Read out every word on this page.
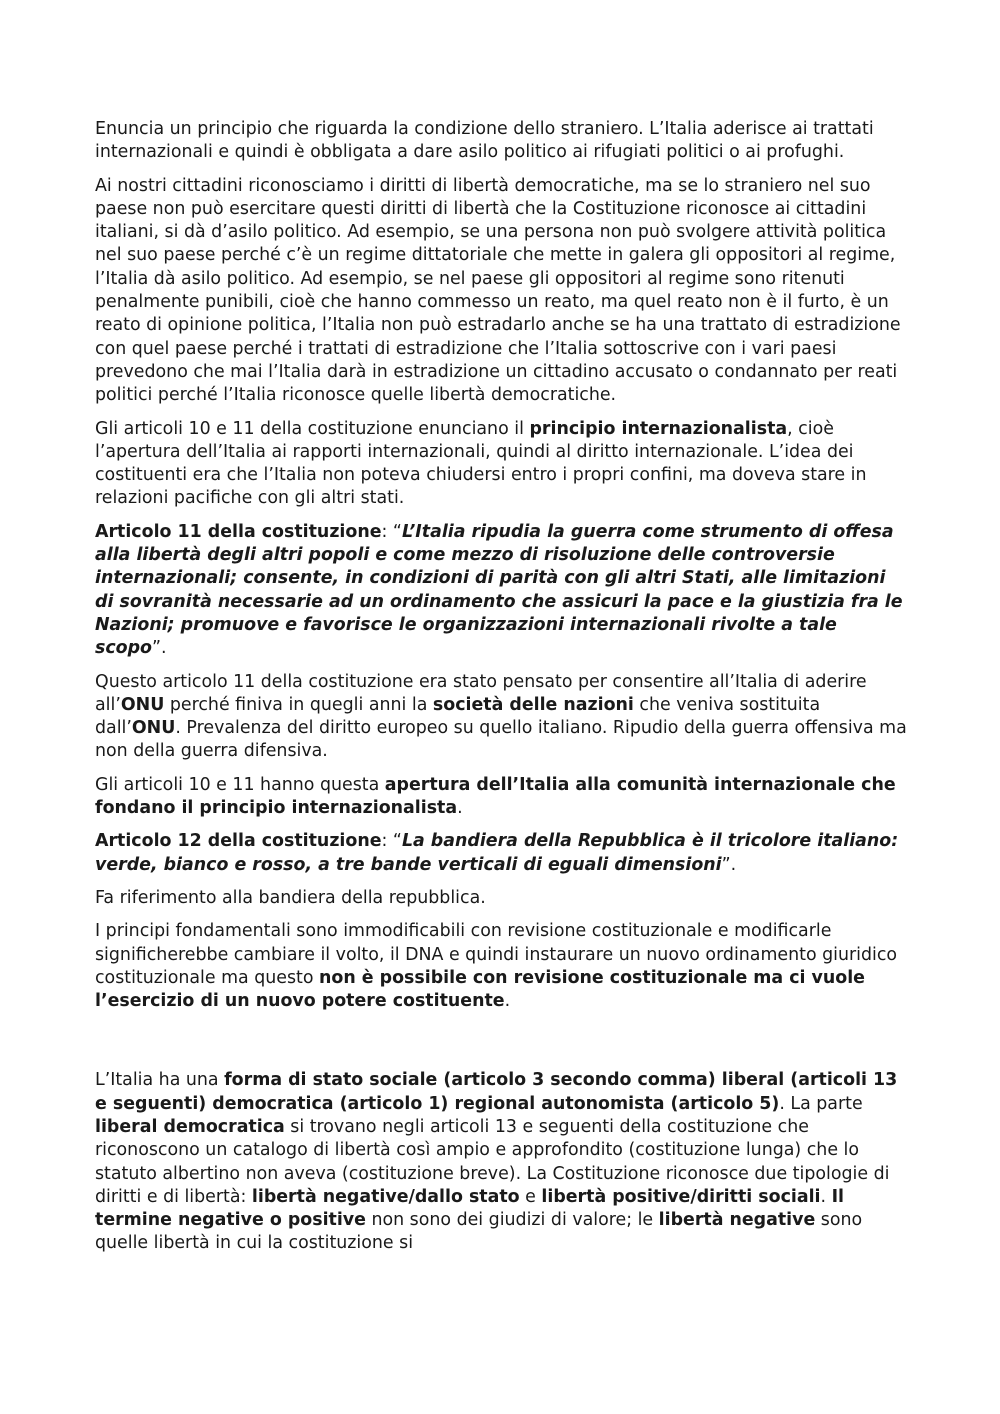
Enuncia un principio che riguarda la condizione dello straniero. L’Italia aderisce ai trattati internazionali e quindi è obbligata a dare asilo politico ai rifugiati politici o ai profughi.

Ai nostri cittadini riconosciamo i diritti di libertà democratiche, ma se lo straniero nel suo paese non può esercitare questi diritti di libertà che la Costituzione riconosce ai cittadini italiani, si dà d’asilo politico. Ad esempio, se una persona non può svolgere attività politica nel suo paese perché c’è un regime dittatoriale che mette in galera gli oppositori al regime, l’Italia dà asilo politico. Ad esempio, se nel paese gli oppositori al regime sono ritenuti penalmente punibili, cioè che hanno commesso un reato, ma quel reato non è il furto, è un reato di opinione politica, l’Italia non può estradarlo anche se ha una trattato di estradizione con quel paese perché i trattati di estradizione che l’Italia sottoscrive con i vari paesi prevedono che mai l’Italia darà in estradizione un cittadino accusato o condannato per reati politici perché l’Italia riconosce quelle libertà democratiche.

Gli articoli 10 e 11 della costituzione enunciano il principio internazionalista, cioè l’apertura dell’Italia ai rapporti internazionali, quindi al diritto internazionale. L’idea dei costituenti era che l’Italia non poteva chiudersi entro i propri confini, ma doveva stare in relazioni pacifiche con gli altri stati.

Articolo 11 della costituzione: “L’Italia ripudia la guerra come strumento di offesa alla libertà degli altri popoli e come mezzo di risoluzione delle controversie internazionali; consente, in condizioni di parità con gli altri Stati, alle limitazioni di sovranità necessarie ad un ordinamento che assicuri la pace e la giustizia fra le Nazioni; promuove e favorisce le organizzazioni internazionali rivolte a tale scopo”.

Questo articolo 11 della costituzione era stato pensato per consentire all’Italia di aderire all’ONU perché finiva in quegli anni la società delle nazioni che veniva sostituita dall’ONU. Prevalenza del diritto europeo su quello italiano. Ripudio della guerra offensiva ma non della guerra difensiva.

Gli articoli 10 e 11 hanno questa apertura dell’Italia alla comunità internazionale che fondano il principio internazionalista.

Articolo 12 della costituzione: “La bandiera della Repubblica è il tricolore italiano: verde, bianco e rosso, a tre bande verticali di eguali dimensioni”.

Fa riferimento alla bandiera della repubblica.

I principi fondamentali sono immodificabili con revisione costituzionale e modificarle significherebbe cambiare il volto, il DNA e quindi instaurare un nuovo ordinamento giuridico costituzionale ma questo non è possibile con revisione costituzionale ma ci vuole l’esercizio di un nuovo potere costituente.

L’Italia ha una forma di stato sociale (articolo 3 secondo comma) liberal (articoli 13 e seguenti) democratica (articolo 1) regional autonomista (articolo 5). La parte liberal democratica si trovano negli articoli 13 e seguenti della costituzione che riconoscono un catalogo di libertà così ampio e approfondito (costituzione lunga) che lo statuto albertino non aveva (costituzione breve). La Costituzione riconosce due tipologie di diritti e di libertà: libertà negative/dallo stato e libertà positive/diritti sociali. Il termine negative o positive non sono dei giudizi di valore; le libertà negative sono quelle libertà in cui la costituzione si
